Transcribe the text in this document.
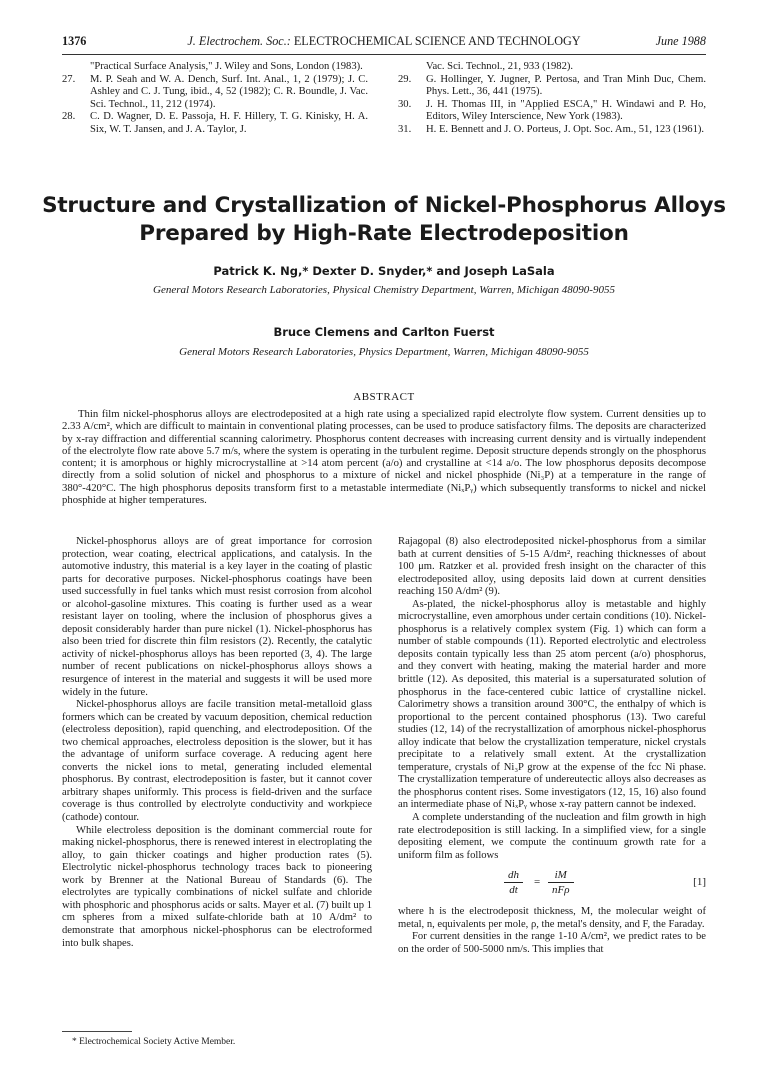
1376	J. Electrochem. Soc.: ELECTROCHEMICAL SCIENCE AND TECHNOLOGY	June 1988
"Practical Surface Analysis," J. Wiley and Sons, London (1983).
27.	M. P. Seah and W. A. Dench, Surf. Int. Anal., 1, 2 (1979); J. C. Ashley and C. J. Tung, ibid., 4, 52 (1982); C. R. Boundle, J. Vac. Sci. Technol., 11, 212 (1974).
28.	C. D. Wagner, D. E. Passoja, H. F. Hillery, T. G. Kinisky, H. A. Six, W. T. Jansen, and J. A. Taylor, J.
Vac. Sci. Technol., 21, 933 (1982).
29.	G. Hollinger, Y. Jugner, P. Pertosa, and Tran Minh Duc, Chem. Phys. Lett., 36, 441 (1975).
30.	J. H. Thomas III, in "Applied ESCA," H. Windawi and P. Ho, Editors, Wiley Interscience, New York (1983).
31.	H. E. Bennett and J. O. Porteus, J. Opt. Soc. Am., 51, 123 (1961).
Structure and Crystallization of Nickel-Phosphorus Alloys
Prepared by High-Rate Electrodeposition
Patrick K. Ng,* Dexter D. Snyder,* and Joseph LaSala
General Motors Research Laboratories, Physical Chemistry Department, Warren, Michigan 48090-9055
Bruce Clemens and Carlton Fuerst
General Motors Research Laboratories, Physics Department, Warren, Michigan 48090-9055
ABSTRACT
Thin film nickel-phosphorus alloys are electrodeposited at a high rate using a specialized rapid electrolyte flow system. Current densities up to 2.33 A/cm², which are difficult to maintain in conventional plating processes, can be used to produce satisfactory films. The deposits are characterized by x-ray diffraction and differential scanning calorimetry. Phosphorus content decreases with increasing current density and is virtually independent of the electrolyte flow rate above 5.7 m/s, where the system is operating in the turbulent regime. Deposit structure depends strongly on the phosphorus content; it is amorphous or highly microcrystalline at >14 atom percent (a/o) and crystalline at <14 a/o. The low phosphorus deposits decompose directly from a solid solution of nickel and phosphorus to a mixture of nickel and nickel phosphide (Ni₃P) at a temperature in the range of 380°-420°C. The high phosphorus deposits transform first to a metastable intermediate (NiₓPᵧ) which subsequently transforms to nickel and nickel phosphide at higher temperatures.

Nickel-phosphorus alloys are of great importance for corrosion protection, wear coating, electrical applications, and catalysis. In the automotive industry, this material is a key layer in the coating of plastic parts for decorative purposes. Nickel-phosphorus coatings have been used successfully in fuel tanks which must resist corrosion from alcohol or alcohol-gasoline mixtures. This coating is further used as a wear resistant layer on tooling, where the inclusion of phosphorus gives a deposit considerably harder than pure nickel (1). Nickel-phosphorus has also been tried for discrete thin film resistors (2). Recently, the catalytic activity of nickel-phosphorus alloys has been reported (3, 4). The large number of recent publications on nickel-phosphorus alloys shows a resurgence of interest in the material and suggests it will be used more widely in the future.

Nickel-phosphorus alloys are facile transition metal-metalloid glass formers which can be created by vacuum deposition, chemical reduction (electroless deposition), rapid quenching, and electrodeposition. Of the two chemical approaches, electroless deposition is the slower, but it has the advantage of uniform surface coverage. A reducing agent here converts the nickel ions to metal, generating included elemental phosphorus. By contrast, electrodeposition is faster, but it cannot cover arbitrary shapes uniformly. This process is field-driven and the surface coverage is thus controlled by electrolyte conductivity and workpiece (cathode) contour.

While electroless deposition is the dominant commercial route for making nickel-phosphorus, there is renewed interest in electroplating the alloy, to gain thicker coatings and higher production rates (5). Electrolytic nickel-phosphorus technology traces back to pioneering work by Brenner at the National Bureau of Standards (6). The electrolytes are typically combinations of nickel sulfate and chloride with phosphoric and phosphorus acids or salts. Mayer et al. (7) built up 1 cm spheres from a mixed sulfate-chloride bath at 10 A/dm² to demonstrate that amorphous nickel-phosphorus can be electroformed into bulk shapes.

Rajagopal (8) also electrodeposited nickel-phosphorus from a similar bath at current densities of 5-15 A/dm², reaching thicknesses of about 100 μm. Ratzker et al. provided fresh insight on the character of this electrodeposited alloy, using deposits laid down at current densities reaching 150 A/dm² (9).

As-plated, the nickel-phosphorus alloy is metastable and highly microcrystalline, even amorphous under certain conditions (10). Nickel-phosphorus is a relatively complex system (Fig. 1) which can form a number of stable compounds (11). Reported electrolytic and electroless deposits contain typically less than 25 atom percent (a/o) phosphorus, and they convert with heating, making the material harder and more brittle (12). As deposited, this material is a supersaturated solution of phosphorus in the face-centered cubic lattice of crystalline nickel. Calorimetry shows a transition around 300°C, the enthalpy of which is proportional to the percent contained phosphorus (13). Two careful studies (12, 14) of the recrystallization of amorphous nickel-phosphorus alloy indicate that below the crystallization temperature, nickel crystals precipitate to a relatively small extent. At the crystallization temperature, crystals of Ni₃P grow at the expense of the fcc Ni phase. The crystallization temperature of undereutectic alloys also decreases as the phosphorus content rises. Some investigators (12, 15, 16) also found an intermediate phase of NiₓPᵧ whose x-ray pattern cannot be indexed.

A complete understanding of the nucleation and film growth in high rate electrodeposition is still lacking. In a simplified view, for a single depositing element, we compute the continuum growth rate for a uniform film as follows

$\frac{dh}{dt}$ =
iM
nFρ
[1]

where h is the electrodeposit thickness, M, the molecular weight of metal, n, equivalents per mole, ρ, the metal's density, and F, the Faraday.

For current densities in the range 1-10 A/cm², we predict rates to be on the order of 500-5000 nm/s. This implies that

* Electrochemical Society Active Member.
